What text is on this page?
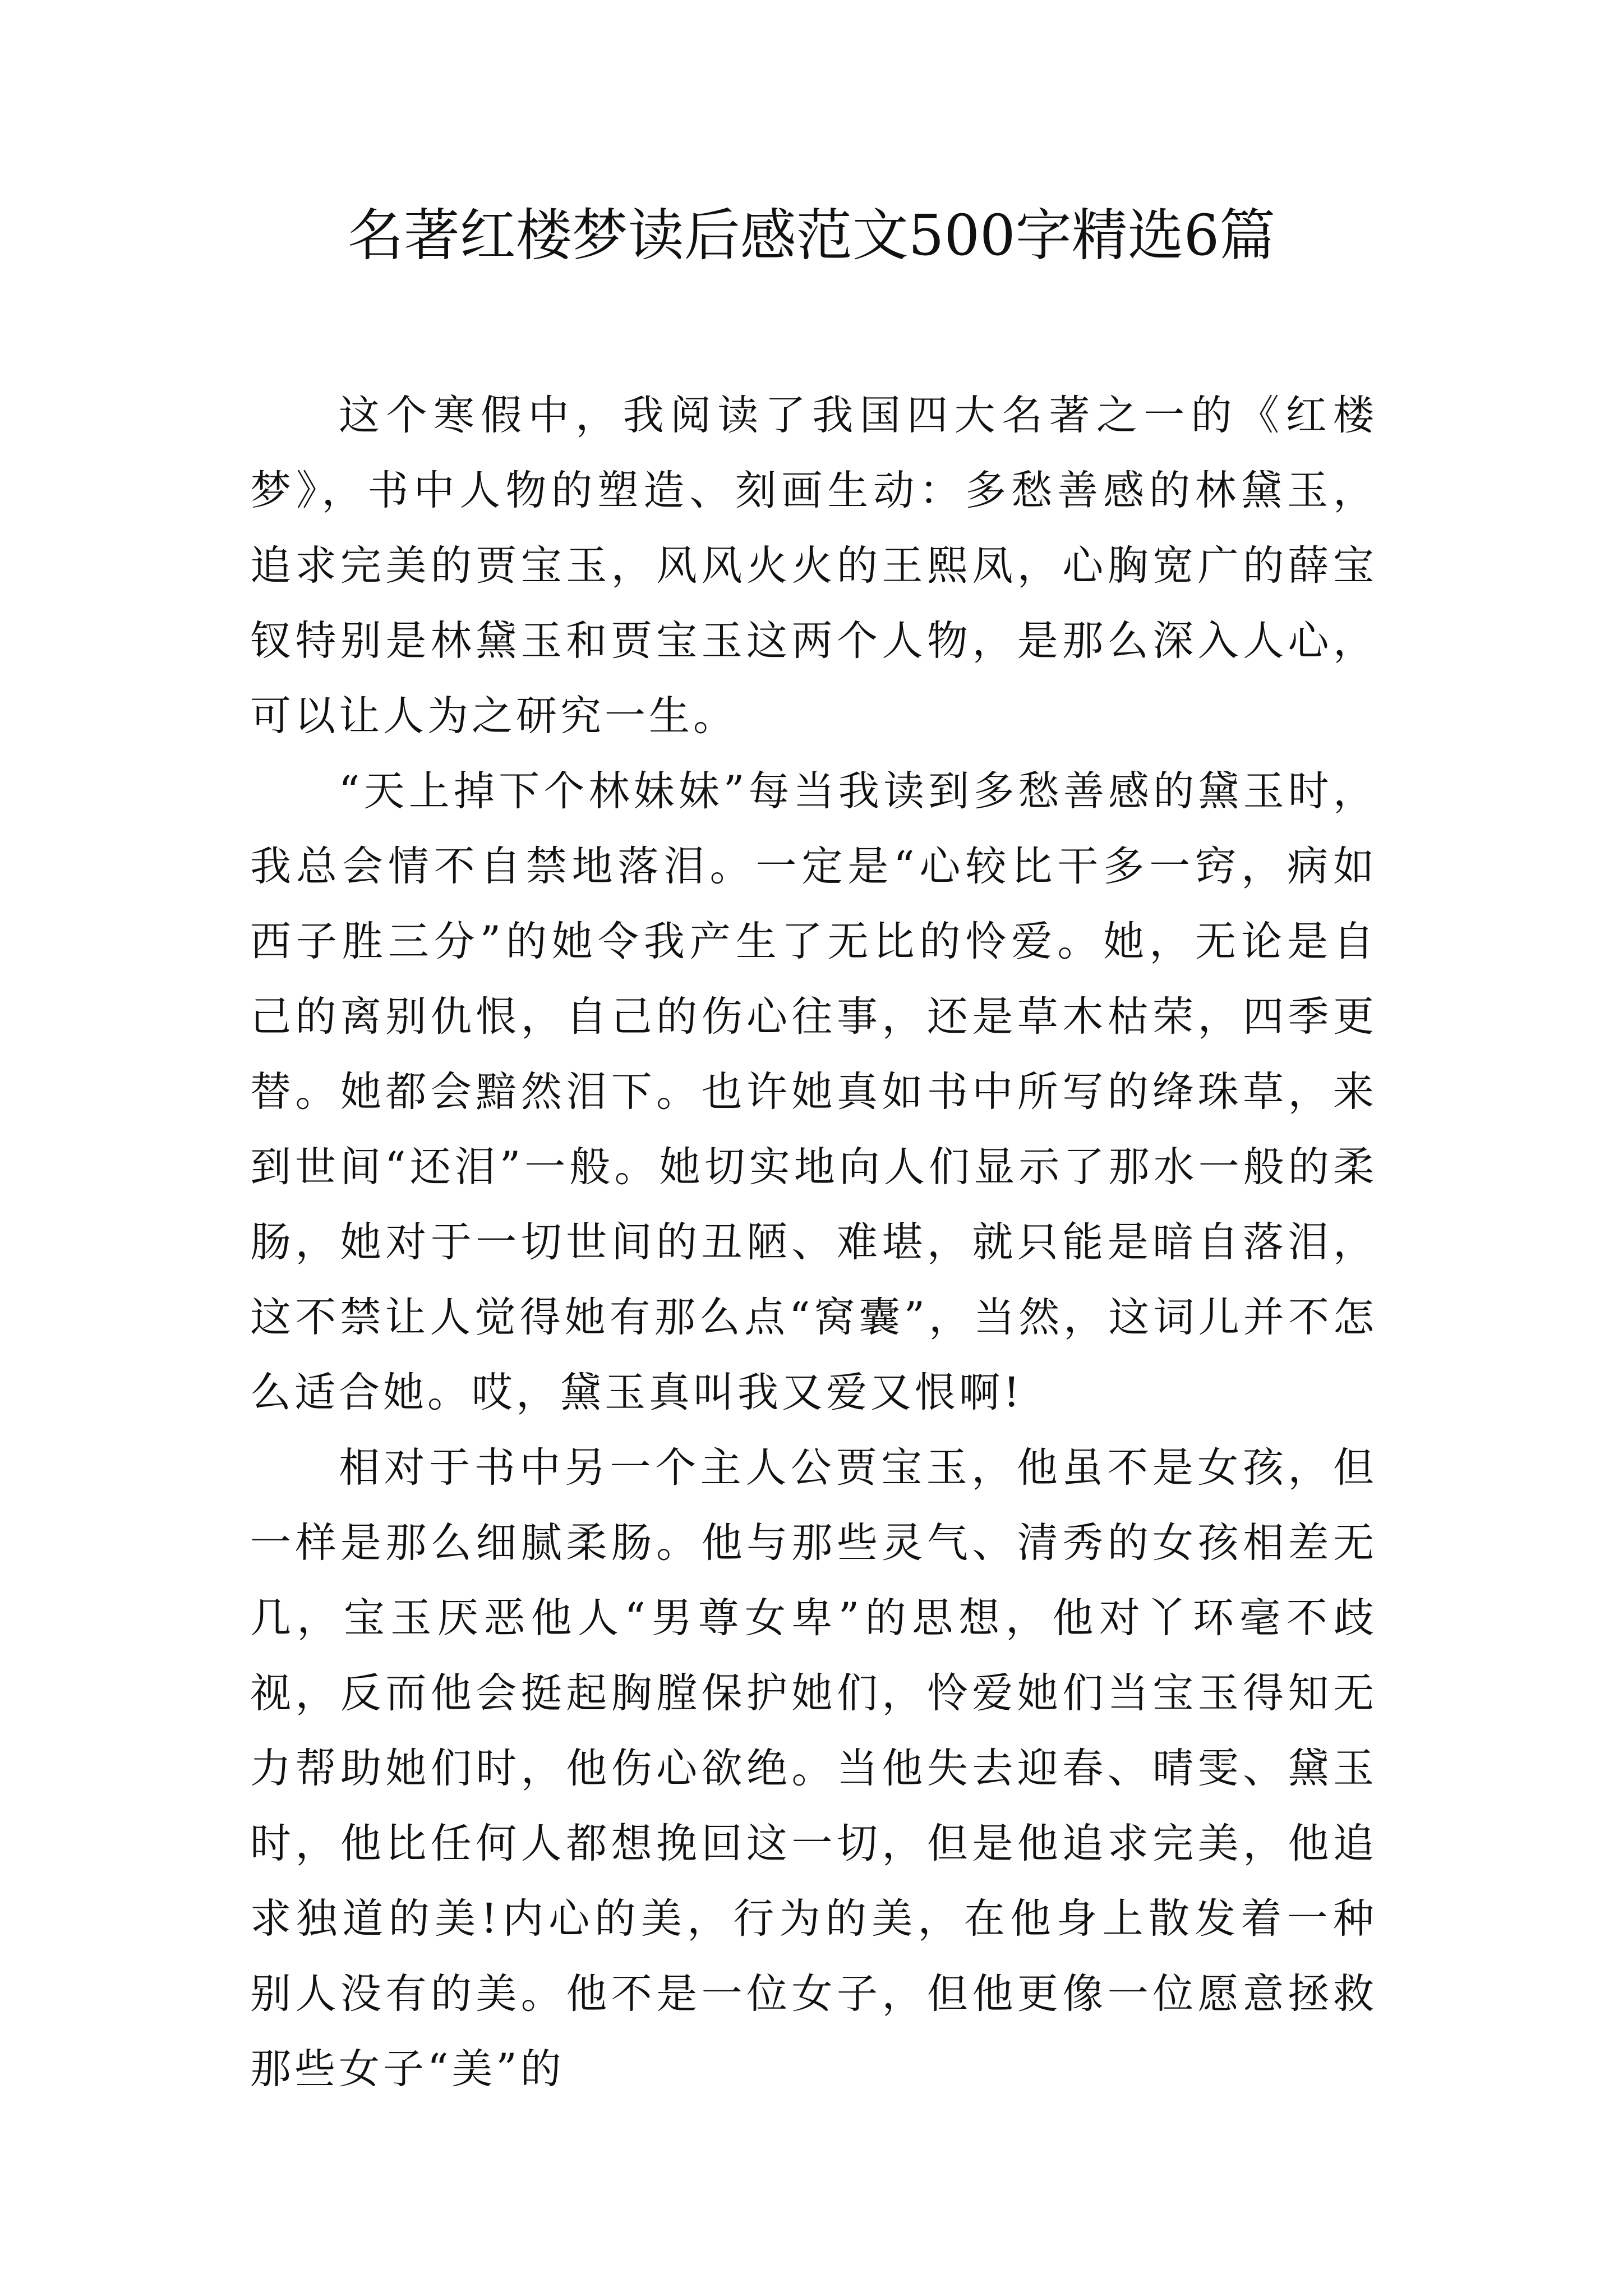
名著红楼梦读后感范文500字精选6篇

这个寒假中，我阅读了我国四大名著之一的《红楼梦》，书中人物的塑造、刻画生动：多愁善感的林黛玉，追求完美的贾宝玉，风风火火的王熙凤，心胸宽广的薛宝钗特别是林黛玉和贾宝玉这两个人物，是那么深入人心，可以让人为之研究一生。

“天上掉下个林妹妹”每当我读到多愁善感的黛玉时，我总会情不自禁地落泪。一定是“心较比干多一窍，病如西子胜三分”的她令我产生了无比的怜爱。她，无论是自己的离别仇恨，自己的伤心往事，还是草木枯荣，四季更替。她都会黯然泪下。也许她真如书中所写的绛珠草，来到世间“还泪”一般。她切实地向人们显示了那水一般的柔肠，她对于一切世间的丑陋、难堪，就只能是暗自落泪，这不禁让人觉得她有那么点“窝囊”，当然，这词儿并不怎么适合她。哎，黛玉真叫我又爱又恨啊!

相对于书中另一个主人公贾宝玉，他虽不是女孩，但一样是那么细腻柔肠。他与那些灵气、清秀的女孩相差无几，宝玉厌恶他人“男尊女卑”的思想，他对丫环毫不歧视，反而他会挺起胸膛保护她们，怜爱她们当宝玉得知无力帮助她们时，他伤心欲绝。当他失去迎春、晴雯、黛玉时，他比任何人都想挽回这一切，但是他追求完美，他追求独道的美!内心的美，行为的美，在他身上散发着一种别人没有的美。他不是一位女子，但他更像一位愿意拯救那些女子“美”的
